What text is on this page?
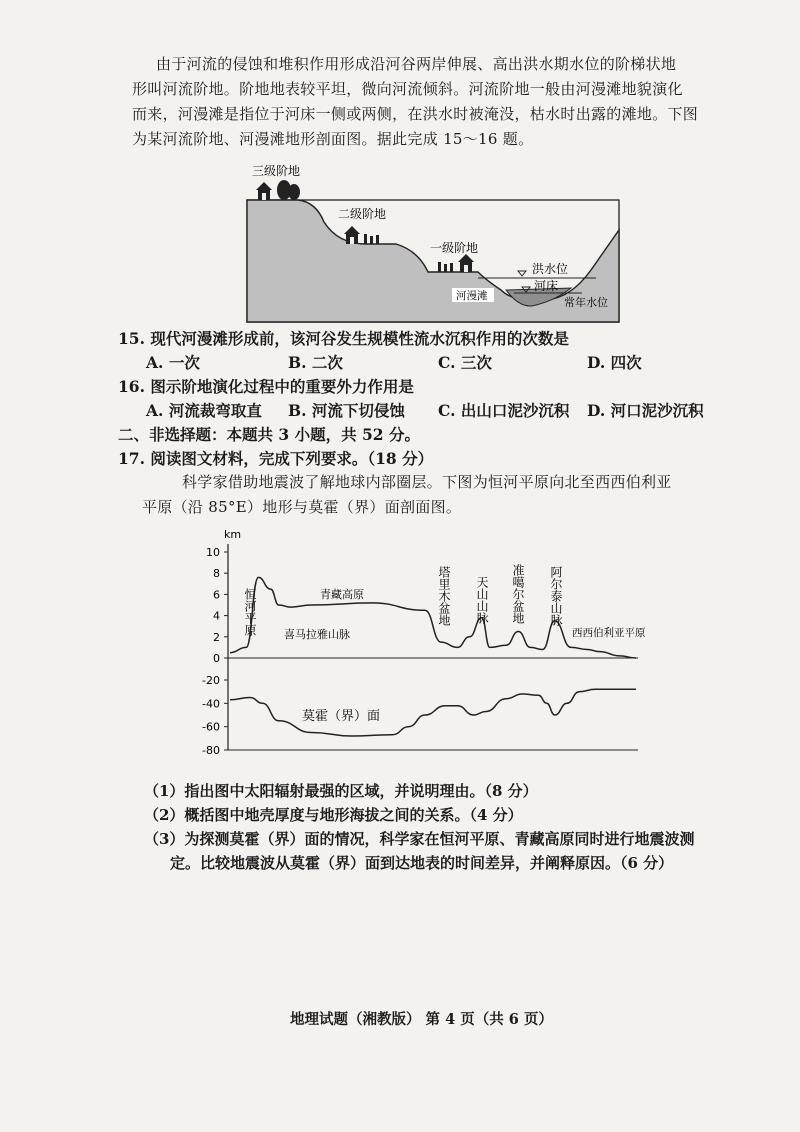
由于河流的侵蚀和堆积作用形成沿河谷两岸伸展、高出洪水期水位的阶梯状地
形叫河流阶地。阶地地表较平坦，微向河流倾斜。河流阶地一般由河漫滩地貌演化
而来，河漫滩是指位于河床一侧或两侧，在洪水时被淹没，枯水时出露的滩地。下图
为某河流阶地、河漫滩地形剖面图。据此完成 15～16 题。
三级阶地
二级阶地
一级阶地
洪水位
河床
河漫滩	常年水位
15. 现代河漫滩形成前，该河谷发生规模性流水沉积作用的次数是
A. 一次	B. 二次	C. 三次	D. 四次
16. 图示阶地演化过程中的重要外力作用是
A. 河流裁弯取直 B. 河流下切侵蚀 C. 出山口泥沙沉积 D. 河口泥沙沉积
二、非选择题：本题共 3 小题，共 52 分。
17. 阅读图文材料，完成下列要求。（18 分）
科学家借助地震波了解地球内部圈层。下图为恒河平原向北至西西伯利亚
平原（沿 85°E）地形与莫霍（界）面剖面图。
km
10
8
6
4
2
0
-20
-40
-60
-80
恒河平原 喜马拉雅山脉
青藏高原	塔里木盆地 天山山脉 准噶尔盆地 阿尔泰山脉
西西伯利亚平原
莫霍（界）面
（1）指出图中太阳辐射最强的区域，并说明理由。（8 分）
（2）概括图中地壳厚度与地形海拔之间的关系。（4 分）
（3）为探测莫霍（界）面的情况，科学家在恒河平原、青藏高原同时进行地震波测
定。比较地震波从莫霍（界）面到达地表的时间差异，并阐释原因。（6 分）
地理试题（湘教版） 第 4 页（共 6 页）
